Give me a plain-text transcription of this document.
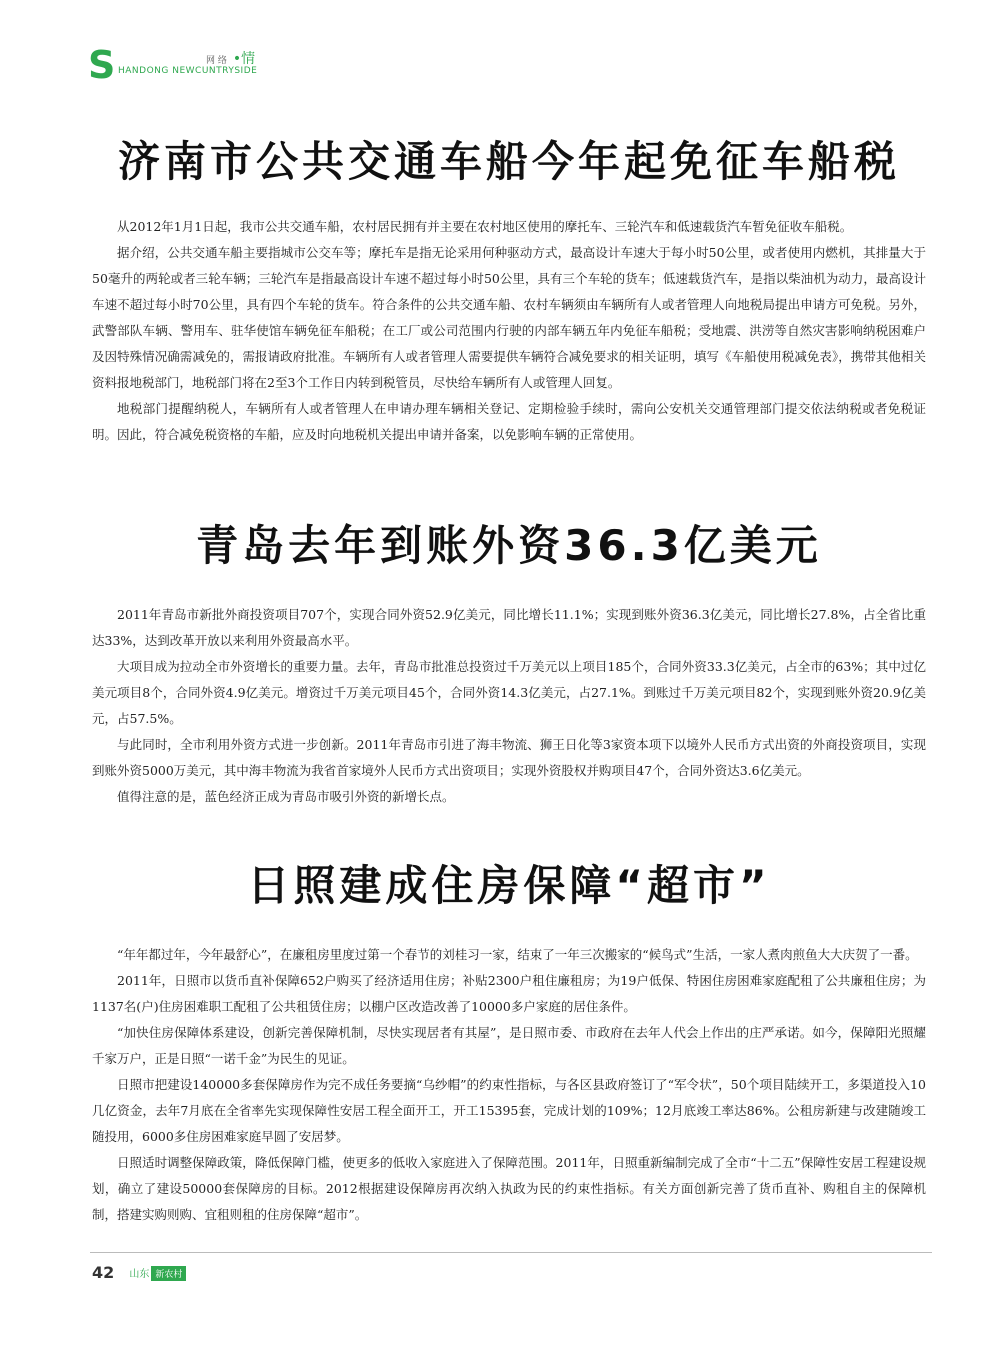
S HANDONG NEWCUNTRYSIDE
网 络 •情
济南市公共交通车船今年起免征车船税

从2012年1月1日起，我市公共交通车船，农村居民拥有并主要在农村地区使用的摩托车、三轮汽车和低速载货汽车暂免征收车船税。

据介绍，公共交通车船主要指城市公交车等；摩托车是指无论采用何种驱动方式，最高设计车速大于每小时50公里，或者使用内燃机，其排量大于50毫升的两轮或者三轮车辆；三轮汽车是指最高设计车速不超过每小时50公里，具有三个车轮的货车；低速载货汽车，是指以柴油机为动力，最高设计车速不超过每小时70公里，具有四个车轮的货车。符合条件的公共交通车船、农村车辆须由车辆所有人或者管理人向地税局提出申请方可免税。另外，武警部队车辆、警用车、驻华使馆车辆免征车船税；在工厂或公司范围内行驶的内部车辆五年内免征车船税；受地震、洪涝等自然灾害影响纳税困难户及因特殊情况确需减免的，需报请政府批准。车辆所有人或者管理人需要提供车辆符合减免要求的相关证明，填写《车船使用税减免表》，携带其他相关资料报地税部门，地税部门将在2至3个工作日内转到税管员，尽快给车辆所有人或管理人回复。

地税部门提醒纳税人，车辆所有人或者管理人在申请办理车辆相关登记、定期检验手续时，需向公安机关交通管理部门提交依法纳税或者免税证明。因此，符合减免税资格的车船，应及时向地税机关提出申请并备案，以免影响车辆的正常使用。

青岛去年到账外资36.3亿美元

2011年青岛市新批外商投资项目707个，实现合同外资52.9亿美元，同比增长11.1%；实现到账外资36.3亿美元，同比增长27.8%，占全省比重达33%，达到改革开放以来利用外资最高水平。

大项目成为拉动全市外资增长的重要力量。去年，青岛市批准总投资过千万美元以上项目185个，合同外资33.3亿美元，占全市的63%；其中过亿美元项目8个，合同外资4.9亿美元。增资过千万美元项目45个，合同外资14.3亿美元，占27.1%。到账过千万美元项目82个，实现到账外资20.9亿美元，占57.5%。

与此同时，全市利用外资方式进一步创新。2011年青岛市引进了海丰物流、狮王日化等3家资本项下以境外人民币方式出资的外商投资项目，实现到账外资5000万美元，其中海丰物流为我省首家境外人民币方式出资项目；实现外资股权并购项目47个，合同外资达3.6亿美元。

值得注意的是，蓝色经济正成为青岛市吸引外资的新增长点。

日照建成住房保障“超市”

“年年都过年，今年最舒心”，在廉租房里度过第一个春节的刘桂习一家，结束了一年三次搬家的“候鸟式”生活，一家人煮肉煎鱼大大庆贺了一番。

2011年，日照市以货币直补保障652户购买了经济适用住房；补贴2300户租住廉租房；为19户低保、特困住房困难家庭配租了公共廉租住房；为1137名(户)住房困难职工配租了公共租赁住房；以棚户区改造改善了10000多户家庭的居住条件。

“加快住房保障体系建设，创新完善保障机制，尽快实现居者有其屋”，是日照市委、市政府在去年人代会上作出的庄严承诺。如今，保障阳光照耀千家万户，正是日照“一诺千金”为民生的见证。

日照市把建设140000多套保障房作为完不成任务要摘“乌纱帽”的约束性指标，与各区县政府签订了“军令状”，50个项目陆续开工，多渠道投入10几亿资金，去年7月底在全省率先实现保障性安居工程全面开工，开工15395套，完成计划的109%；12月底竣工率达86%。公租房新建与改建随竣工随投用，6000多住房困难家庭早圆了安居梦。

日照适时调整保障政策，降低保障门槛，使更多的低收入家庭进入了保障范围。2011年，日照重新编制完成了全市“十二五”保障性安居工程建设规划，确立了建设50000套保障房的目标。2012根据建设保障房再次纳入执政为民的约束性指标。有关方面创新完善了货币直补、购租自主的保障机制，搭建实购则购、宜租则租的住房保障“超市”。

42 山东 新农村
